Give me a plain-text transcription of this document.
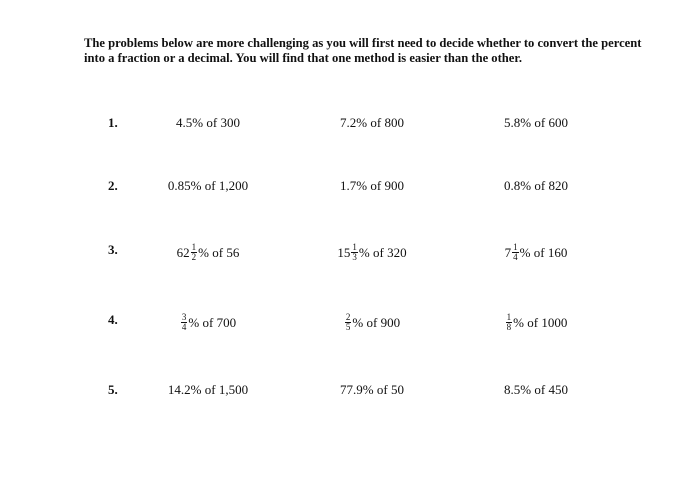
The problems below are more challenging as you will first need to decide whether to convert the percent into a fraction or a decimal. You will find that one method is easier than the other.
1.	4.5% of 300	7.2% of 800	5.8% of 600
2.	0.85% of 1,200	1.7% of 900	0.8% of 820
3.	$62 \frac{1}{2}$ % of 56	$15 \frac{1}{3}$ % of 320	$7 \frac{1}{4}$ % of 160
4.	$\frac{3}{4}$ % of 700	$\frac{2}{5}$ % of 900	$\frac{1}{8}$ % of 1000
5.	14.2% of 1,500	77.9% of 50	8.5% of 450
